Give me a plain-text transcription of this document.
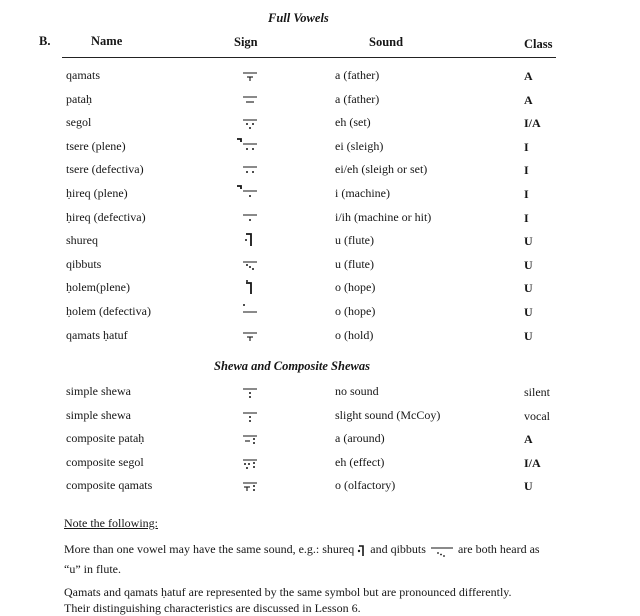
Full Vowels
B.	Name	Sign	Sound	Class
qamats	a (father)	A
pataḥ	a (father)	A
segol	eh (set)	I/A
tsere (plene)	ei (sleigh)	I
tsere (defectiva)	ei/eh (sleigh or set)	I
ḥireq (plene)	i (machine)	I
ḥireq (defectiva)	i/ih (machine or hit)	I
shureq	u (flute)	U
qibbuts	u (flute)	U
ḥolem(plene)	o (hope)	U
ḥolem (defectiva)	o (hope)	U
qamats ḥatuf	o (hold)	U
Shewa and Composite Shewas
simple shewa	no sound	silent
simple shewa	slight sound (McCoy)	vocal
composite pataḥ	a (around)	A
composite segol	eh (effect)	I/A
composite qamats	o (olfactory)	U
Note the following:
More than one vowel may have the same sound, e.g.: shureq and qibbuts	are both heard as
“u” in flute.
Qamats and qamats ḥatuf are represented by the same symbol but are pronounced differently.
Their distinguishing characteristics are discussed in Lesson 6.
